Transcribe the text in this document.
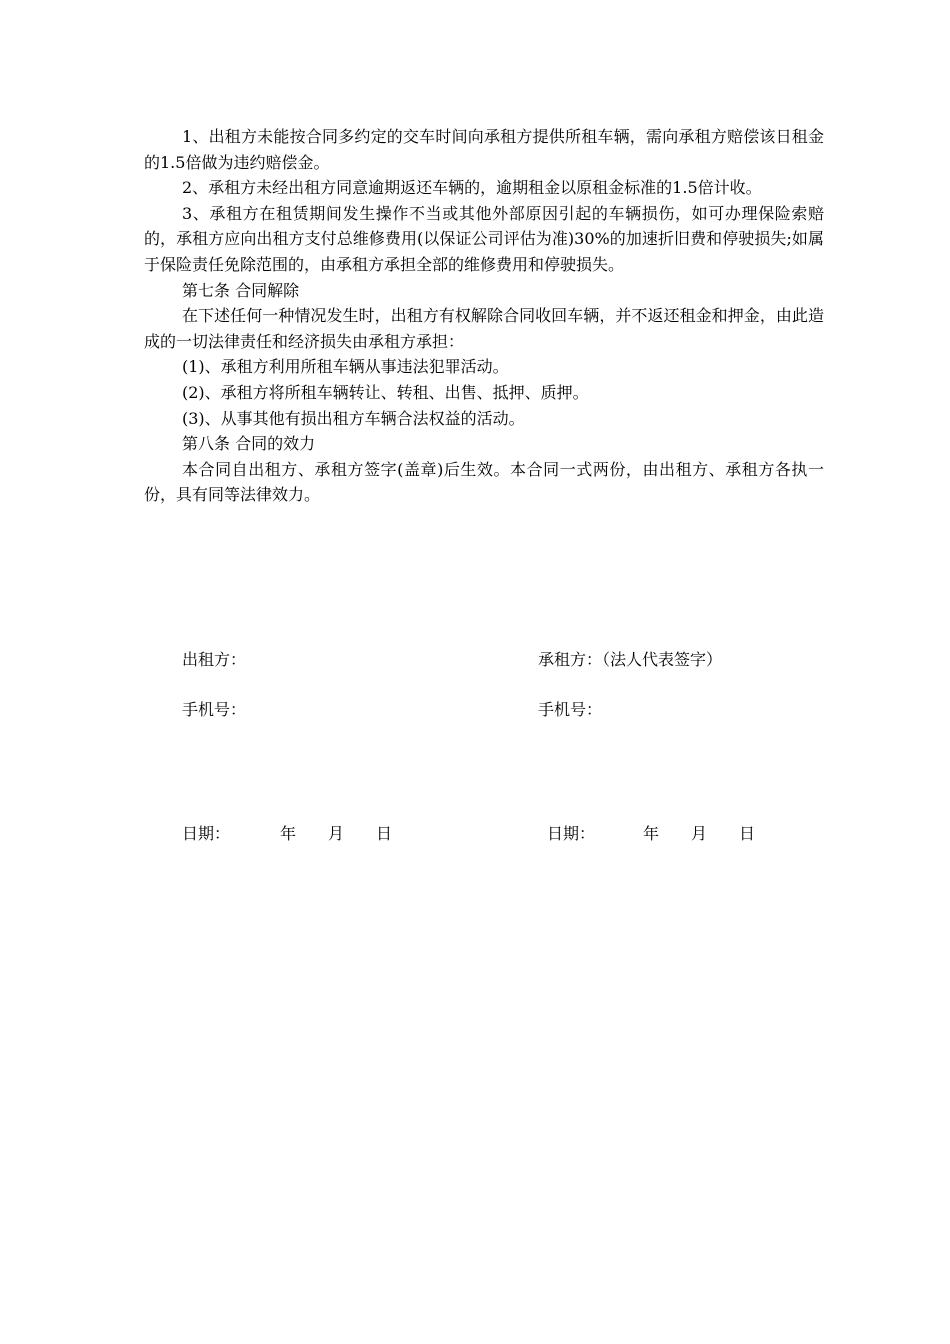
1、出租方未能按合同多约定的交车时间向承租方提供所租车辆，需向承租方赔偿该日租金的1.5倍做为违约赔偿金。

2、承租方未经出租方同意逾期返还车辆的，逾期租金以原租金标准的1.5倍计收。

3、承租方在租赁期间发生操作不当或其他外部原因引起的车辆损伤，如可办理保险索赔的，承租方应向出租方支付总维修费用(以保证公司评估为准)30%的加速折旧费和停驶损失;如属于保险责任免除范围的，由承租方承担全部的维修费用和停驶损失。

第七条 合同解除

在下述任何一种情况发生时，出租方有权解除合同收回车辆，并不返还租金和押金，由此造成的一切法律责任和经济损失由承租方承担：

(1)、承租方利用所租车辆从事违法犯罪活动。

(2)、承租方将所租车辆转让、转租、出售、抵押、质押。

(3)、从事其他有损出租方车辆合法权益的活动。

第八条 合同的效力

本合同自出租方、承租方签字(盖章)后生效。本合同一式两份，由出租方、承租方各执一份，具有同等法律效力。

出租方：	承租方：（法人代表签字）
手机号：	手机号：
日期：	年 月 日	日期：	年 月 日
